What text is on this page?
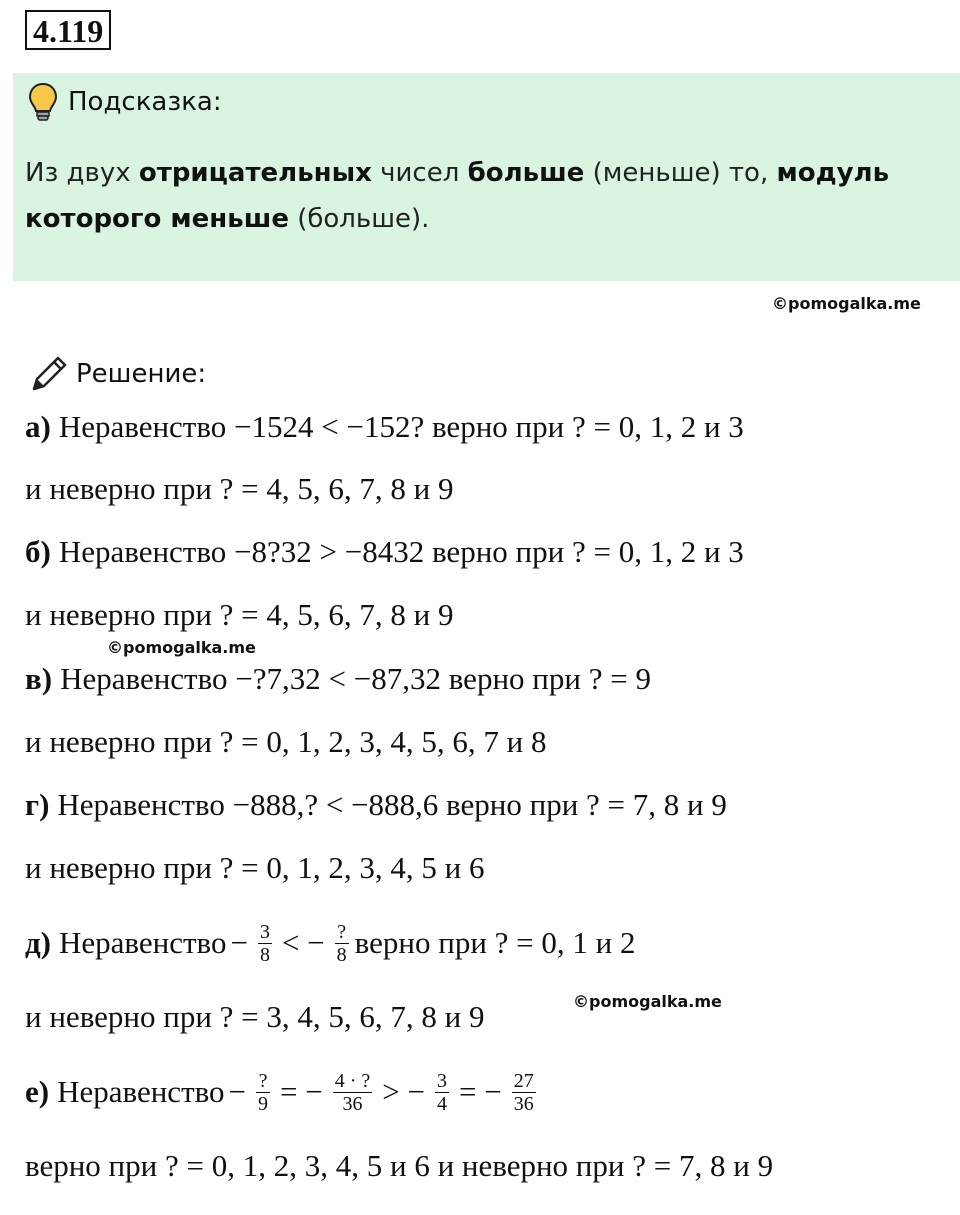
4.119
Подсказка:
Из двух отрицательных чисел больше (меньше) то, модуль
которого меньше (больше).
©pomogalka.me
Решение:
а) Неравенство −1524 < −152? верно при ? = 0, 1, 2 и 3
и неверно при ? = 4, 5, 6, 7, 8 и 9
б) Неравенство −8?32 > −8432 верно при ? = 0, 1, 2 и 3
и неверно при ? = 4, 5, 6, 7, 8 и 9
©pomogalka.me
в) Неравенство −?7,32 < −87,32 верно при ? = 9
и неверно при ? = 0, 1, 2, 3, 4, 5, 6, 7 и 8
г) Неравенство −888,? < −888,6 верно при ? = 7, 8 и 9
и неверно при ? = 0, 1, 2, 3, 4, 5 и 6
д) Неравенство − $\frac{3}{8}$ < − $\frac{?}{8}$ верно при ? = 0, 1 и 2
и неверно при ? = 3, 4, 5, 6, 7, 8 и 9	©pomogalka.me
е) Неравенство − $\frac{?}{9}$ = − $\frac{4 \cdot ?}{36}$ > − $\frac{3}{4}$ = − $\frac{27}{36}$
верно при ? = 0, 1, 2, 3, 4, 5 и 6 и неверно при ? = 7, 8 и 9
